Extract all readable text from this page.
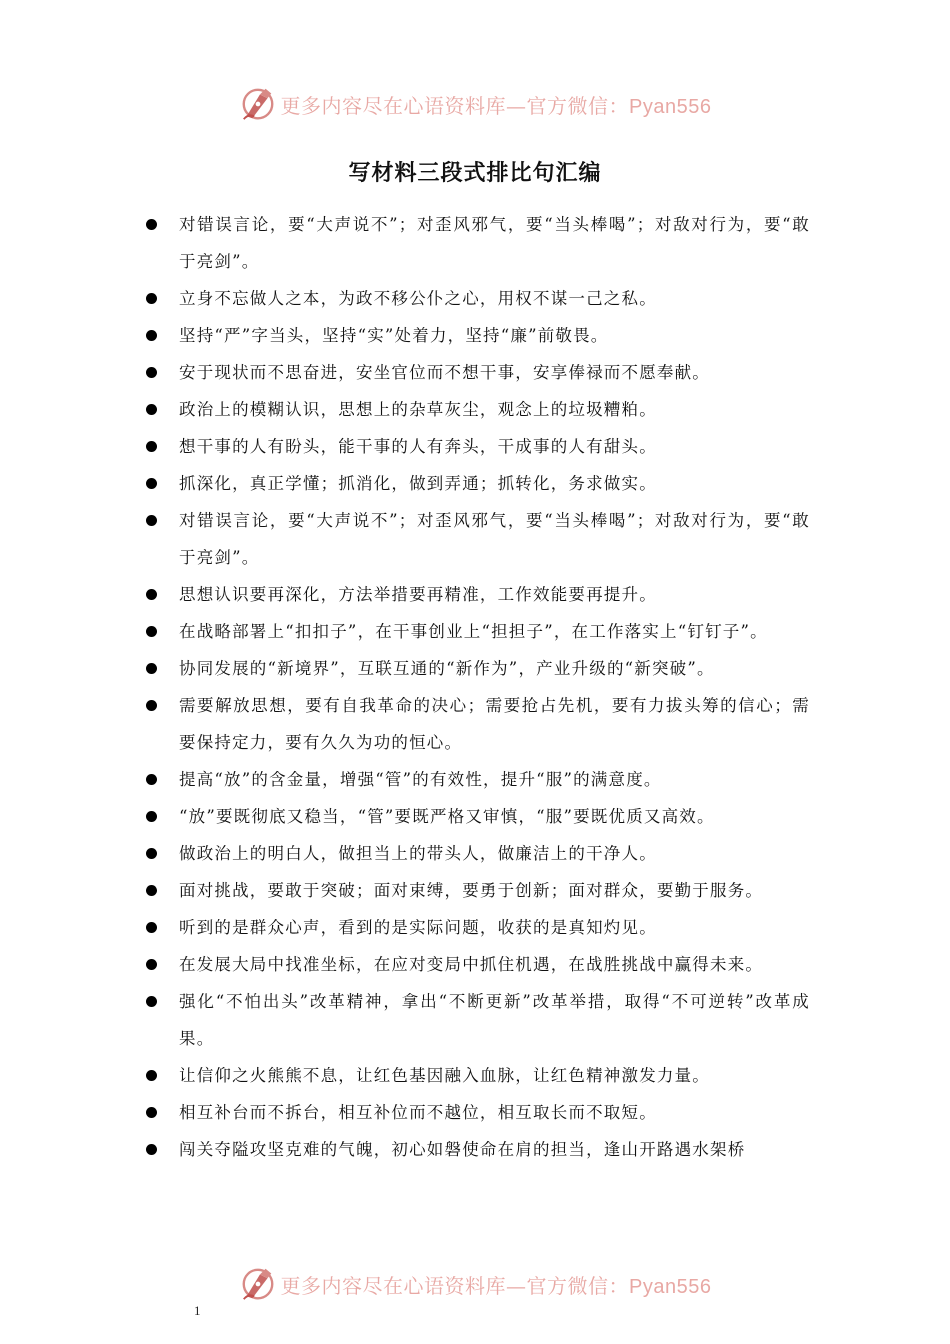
更多内容尽在心语资料库—官方微信：Pyan556
写材料三段式排比句汇编
对错误言论，要“大声说不”；对歪风邪气，要“当头棒喝”；对敌对行为，要“敢于亮剑”。
立身不忘做人之本，为政不移公仆之心，用权不谋一己之私。
坚持“严”字当头，坚持“实”处着力，坚持“廉”前敬畏。
安于现状而不思奋进，安坐官位而不想干事，安享俸禄而不愿奉献。
政治上的模糊认识，思想上的杂草灰尘，观念上的垃圾糟粕。
想干事的人有盼头，能干事的人有奔头，干成事的人有甜头。
抓深化，真正学懂；抓消化，做到弄通；抓转化，务求做实。
对错误言论，要“大声说不”；对歪风邪气，要“当头棒喝”；对敌对行为，要“敢于亮剑”。
思想认识要再深化，方法举措要再精准，工作效能要再提升。
在战略部署上“扣扣子”，在干事创业上“担担子”，在工作落实上“钉钉子”。
协同发展的“新境界”，互联互通的“新作为”，产业升级的“新突破”。
需要解放思想，要有自我革命的决心；需要抢占先机，要有力拔头筹的信心；需要保持定力，要有久久为功的恒心。
提高“放”的含金量，增强“管”的有效性，提升“服”的满意度。
“放”要既彻底又稳当，“管”要既严格又审慎，“服”要既优质又高效。
做政治上的明白人，做担当上的带头人，做廉洁上的干净人。
面对挑战，要敢于突破；面对束缚，要勇于创新；面对群众，要勤于服务。
听到的是群众心声，看到的是实际问题，收获的是真知灼见。
在发展大局中找准坐标，在应对变局中抓住机遇，在战胜挑战中赢得未来。
强化“不怕出头”改革精神，拿出“不断更新”改革举措，取得“不可逆转”改革成果。
让信仰之火熊熊不息，让红色基因融入血脉，让红色精神激发力量。
相互补台而不拆台，相互补位而不越位，相互取长而不取短。
闯关夺隘攻坚克难的气魄，初心如磐使命在肩的担当，逢山开路遇水架桥
更多内容尽在心语资料库—官方微信：Pyan556
1
